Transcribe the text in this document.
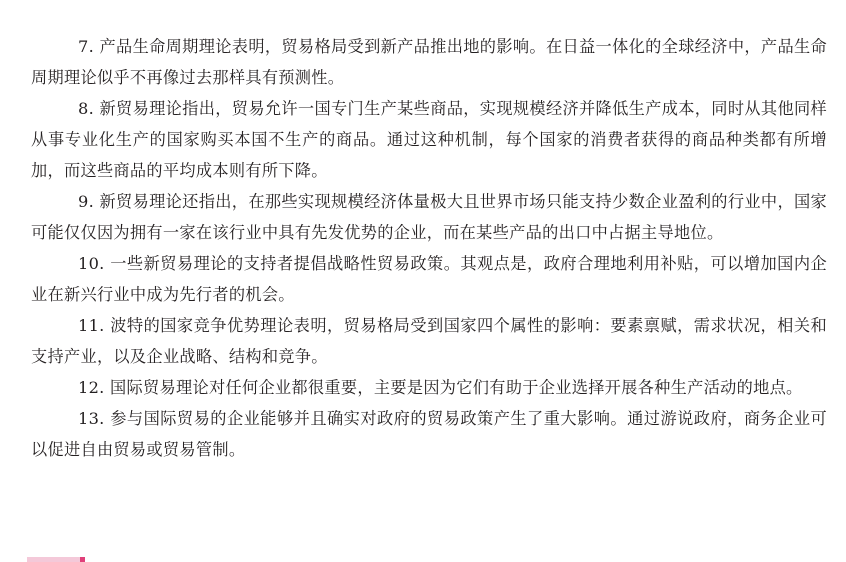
7. 产品生命周期理论表明，贸易格局受到新产品推出地的影响。在日益一体化的全球经济中，产品生命周期理论似乎不再像过去那样具有预测性。

8. 新贸易理论指出，贸易允许一国专门生产某些商品，实现规模经济并降低生产成本，同时从其他同样从事专业化生产的国家购买本国不生产的商品。通过这种机制，每个国家的消费者获得的商品种类都有所增加，而这些商品的平均成本则有所下降。

9. 新贸易理论还指出，在那些实现规模经济体量极大且世界市场只能支持少数企业盈利的行业中，国家可能仅仅因为拥有一家在该行业中具有先发优势的企业，而在某些产品的出口中占据主导地位。

10. 一些新贸易理论的支持者提倡战略性贸易政策。其观点是，政府合理地利用补贴，可以增加国内企业在新兴行业中成为先行者的机会。

11. 波特的国家竞争优势理论表明，贸易格局受到国家四个属性的影响：要素禀赋，需求状况，相关和支持产业，以及企业战略、结构和竞争。

12. 国际贸易理论对任何企业都很重要，主要是因为它们有助于企业选择开展各种生产活动的地点。

13. 参与国际贸易的企业能够并且确实对政府的贸易政策产生了重大影响。通过游说政府，商务企业可以促进自由贸易或贸易管制。
